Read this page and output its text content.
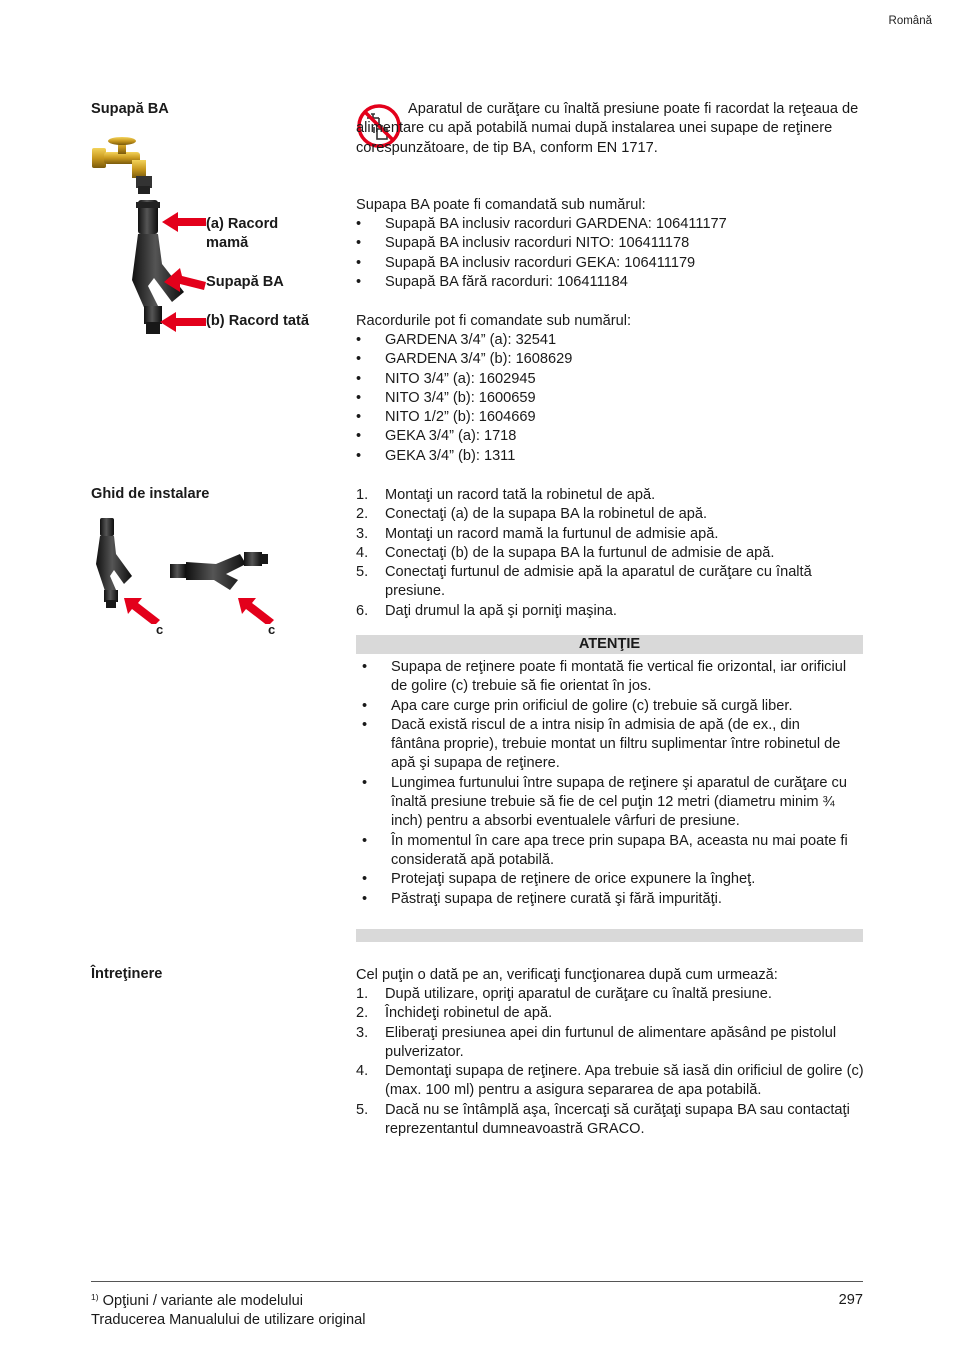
Română
Supapă BA
(a) Racord mamă
Supapă BA
(b) Racord tată
Aparatul de curăţare cu înaltă presiune poate fi racordat la reţeaua de alimentare cu apă potabilă numai după instalarea unei supape de reţinere corespunzătoare, de tip BA, conform EN 1717.
Supapa BA poate fi comandată sub numărul:
• Supapă BA inclusiv racorduri GARDENA: 106411177
• Supapă BA inclusiv racorduri NITO: 106411178
• Supapă BA inclusiv racorduri GEKA: 106411179
• Supapă BA fără racorduri: 106411184
Racordurile pot fi comandate sub numărul:
• GARDENA 3/4” (a): 32541
• GARDENA 3/4” (b): 1608629
• NITO 3/4” (a): 1602945
• NITO 3/4” (b): 1600659
• NITO 1/2” (b): 1604669
• GEKA 3/4” (a): 1718
• GEKA 3/4” (b): 1311
Ghid de instalare
c	c
1. Montaţi un racord tată la robinetul de apă.
2. Conectaţi (a) de la supapa BA la robinetul de apă.
3. Montaţi un racord mamă la furtunul de admisie apă.
4. Conectaţi (b) de la supapa BA la furtunul de admisie de apă.
5. Conectaţi furtunul de admisie apă la aparatul de curăţare cu înaltă presiune.
6. Daţi drumul la apă şi porniţi maşina.
ATENŢIE
• Supapa de reţinere poate fi montată fie vertical fie orizontal, iar orificiul de golire (c) trebuie să fie orientat în jos.
• Apa care curge prin orificiul de golire (c) trebuie să curgă liber.
• Dacă există riscul de a intra nisip în admisia de apă (de ex., din fântâna proprie), trebuie montat un filtru suplimentar între robinetul de apă şi supapa de reţinere.
• Lungimea furtunului între supapa de reţinere şi aparatul de curăţare cu înaltă presiune trebuie să fie de cel puţin 12 metri (diametru minim ¾ inch) pentru a absorbi eventualele vârfuri de presiune.
• În momentul în care apa trece prin supapa BA, aceasta nu mai poate fi considerată apă potabilă.
• Protejaţi supapa de reţinere de orice expunere la îngheţ.
• Păstraţi supapa de reţinere curată şi fără impurităţi.
Întreţinere	Cel puţin o dată pe an, verificaţi funcţionarea după cum urmează:
1. După utilizare, opriţi aparatul de curăţare cu înaltă presiune.
2. Închideţi robinetul de apă.
3. Eliberaţi presiunea apei din furtunul de alimentare apăsând pe pistolul pulverizator.
4. Demontaţi supapa de reţinere. Apa trebuie să iasă din orificiul de golire (c) (max. 100 ml) pentru a asigura separarea de apa potabilă.
5. Dacă nu se întâmplă aşa, încercaţi să curăţaţi supapa BA sau contactaţi reprezentantul dumneavoastră GRACO.
$^{1)}$ Opţiuni / variante ale modelului
Traducerea Manualului de utilizare original
297
